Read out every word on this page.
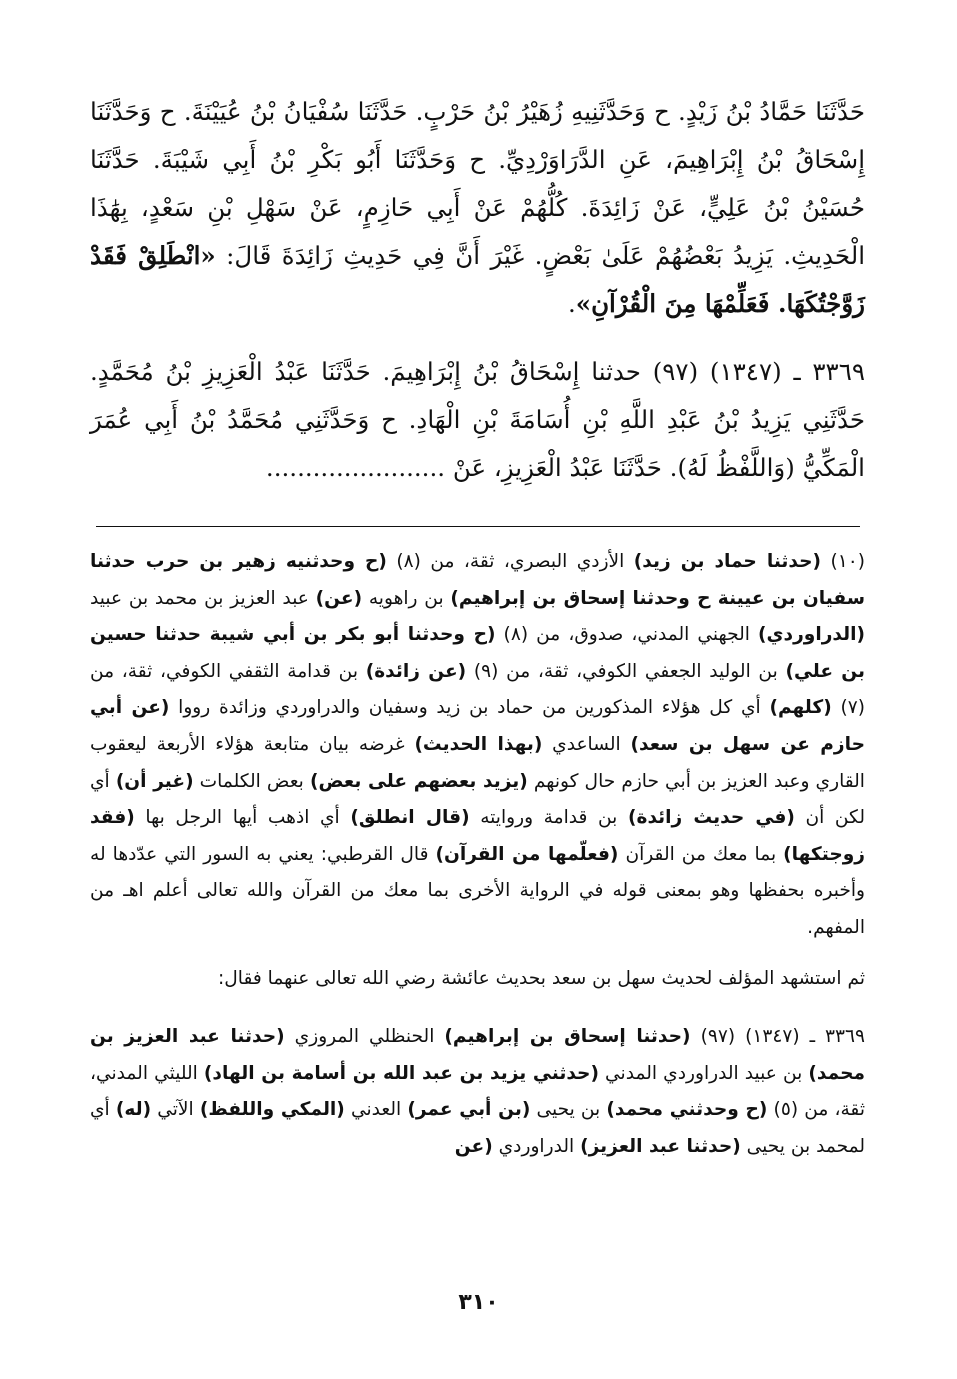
حَدَّثَنَا حَمَّادُ بْنُ زَيْدٍ. ح وَحَدَّثَنِيهِ زُهَيْرُ بْنُ حَرْبٍ. حَدَّثَنَا سُفْيَانُ بْنُ عُيَيْنَةَ. ح وَحَدَّثَنَا إِسْحَاقُ بْنُ إِبْرَاهِيمَ، عَنِ الدَّرَاوَرْدِيِّ. ح وَحَدَّثَنَا أَبُو بَكْرِ بْنُ أَبِي شَيْبَةَ. حَدَّثَنَا حُسَيْنُ بْنُ عَلِيٍّ، عَنْ زَائِدَةَ. كُلُّهُمْ عَنْ أَبِي حَازِمٍ، عَنْ سَهْلِ بْنِ سَعْدٍ، بِهَٰذَا الْحَدِيثِ. يَزِيدُ بَعْضُهُمْ عَلَىٰ بَعْضٍ. غَيْرَ أَنَّ فِي حَدِيثِ زَائِدَةَ قَالَ: «انْطَلِقْ فَقَدْ زَوَّجْتُكَهَا. فَعَلِّمْهَا مِنَ الْقُرْآنِ».

٣٣٦٩ ـ (١٣٤٧) (٩٧) حدثنا إِسْحَاقُ بْنُ إِبْرَاهِيمَ. حَدَّثَنَا عَبْدُ الْعَزِيزِ بْنُ مُحَمَّدٍ. حَدَّثَنِي يَزِيدُ بْنُ عَبْدِ اللَّهِ بْنِ أُسَامَةَ بْنِ الْهَادِ. ح وَحَدَّثَنِي مُحَمَّدُ بْنُ أَبِي عُمَرَ الْمَكِّيُّ (وَاللَّفْظُ لَهُ). حَدَّثَنَا عَبْدُ الْعَزِيزِ، عَنْ .......................

(١٠) (حدثنا حماد بن زيد) الأزدي البصري، ثقة، من (٨) (ح وحدثنيه زهير بن حرب حدثنا سفيان بن عيينة ح وحدثنا إسحاق بن إبراهيم) بن راهويه (عن) عبد العزيز بن محمد بن عبيد (الدراوردي) الجهني المدني، صدوق، من (٨) (ح وحدثنا أبو بكر بن أبي شيبة حدثنا حسين بن علي) بن الوليد الجعفي الكوفي، ثقة، من (٩) (عن زائدة) بن قدامة الثقفي الكوفي، ثقة، من (٧) (كلهم) أي كل هؤلاء المذكورين من حماد بن زيد وسفيان والدراوردي وزائدة رووا (عن أبي حازم عن سهل بن سعد) الساعدي (بهذا الحديث) غرضه بيان متابعة هؤلاء الأربعة ليعقوب القاري وعبد العزيز بن أبي حازم حال كونهم (يزيد بعضهم على بعض) بعض الكلمات (غير أن) أي لكن أن (في حديث زائدة) بن قدامة وروايته (قال انطلق) أي اذهب أيها الرجل بها (فقد زوجتكها) بما معك من القرآن (فعلّمها من القرآن) قال القرطبي: يعني به السور التي عدّدها له وأخبره بحفظها وهو بمعنى قوله في الرواية الأخرى بما معك من القرآن والله تعالى أعلم اهـ من المفهم.

ثم استشهد المؤلف لحديث سهل بن سعد بحديث عائشة رضي الله تعالى عنهما فقال:

٣٣٦٩ ـ (١٣٤٧) (٩٧) (حدثنا إسحاق بن إبراهيم) الحنظلي المروزي (حدثنا عبد العزيز بن محمد) بن عبيد الدراوردي المدني (حدثني يزيد بن عبد الله بن أسامة بن الهاد) الليثي المدني، ثقة، من (٥) (ح وحدثني محمد) بن يحيى (بن أبي عمر) العدني (المكي واللفظ) الآتي (له) أي لمحمد بن يحيى (حدثنا عبد العزيز) الدراوردي (عن

٣١٠
